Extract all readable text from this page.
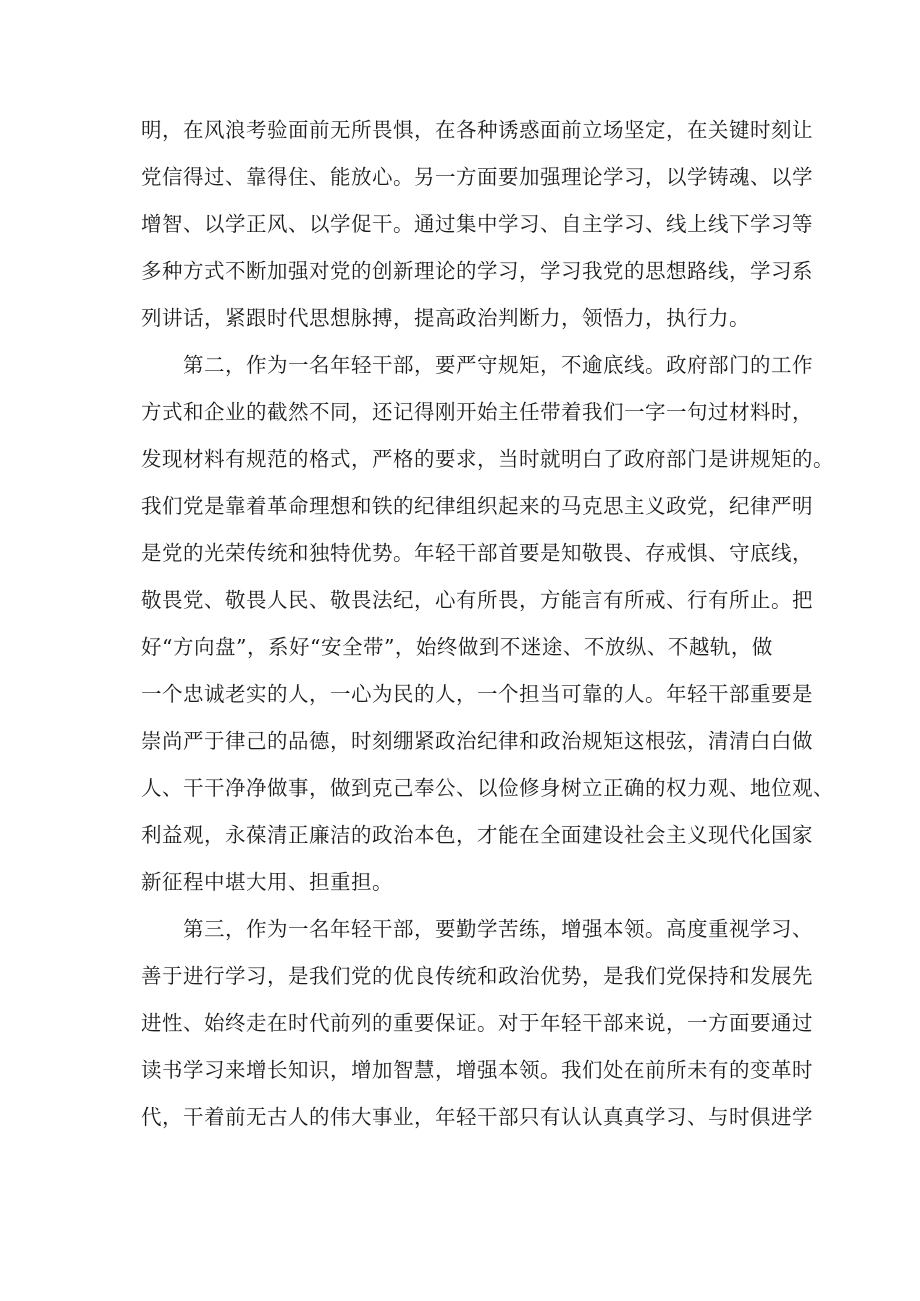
明，在风浪考验面前无所畏惧，在各种诱惑面前立场坚定，在关键时刻让
党信得过、靠得住、能放心。另一方面要加强理论学习，以学铸魂、以学
增智、以学正风、以学促干。通过集中学习、自主学习、线上线下学习等
多种方式不断加强对党的创新理论的学习，学习我党的思想路线，学习系
列讲话，紧跟时代思想脉搏，提高政治判断力，领悟力，执行力。
第二，作为一名年轻干部，要严守规矩，不逾底线。政府部门的工作
方式和企业的截然不同，还记得刚开始主任带着我们一字一句过材料时，
发现材料有规范的格式，严格的要求，当时就明白了政府部门是讲规矩的。
我们党是靠着革命理想和铁的纪律组织起来的马克思主义政党，纪律严明
是党的光荣传统和独特优势。年轻干部首要是知敬畏、存戒惧、守底线，
敬畏党、敬畏人民、敬畏法纪，心有所畏，方能言有所戒、行有所止。把
好“方向盘”，系好“安全带”，始终做到不迷途、不放纵、不越轨，做
一个忠诚老实的人，一心为民的人，一个担当可靠的人。年轻干部重要是
崇尚严于律己的品德，时刻绷紧政治纪律和政治规矩这根弦，清清白白做
人、干干净净做事，做到克己奉公、以俭修身树立正确的权力观、地位观、
利益观，永葆清正廉洁的政治本色，才能在全面建设社会主义现代化国家
新征程中堪大用、担重担。
第三，作为一名年轻干部，要勤学苦练，增强本领。高度重视学习、
善于进行学习，是我们党的优良传统和政治优势，是我们党保持和发展先
进性、始终走在时代前列的重要保证。对于年轻干部来说，一方面要通过
读书学习来增长知识，增加智慧，增强本领。我们处在前所未有的变革时
代，干着前无古人的伟大事业，年轻干部只有认认真真学习、与时俱进学
